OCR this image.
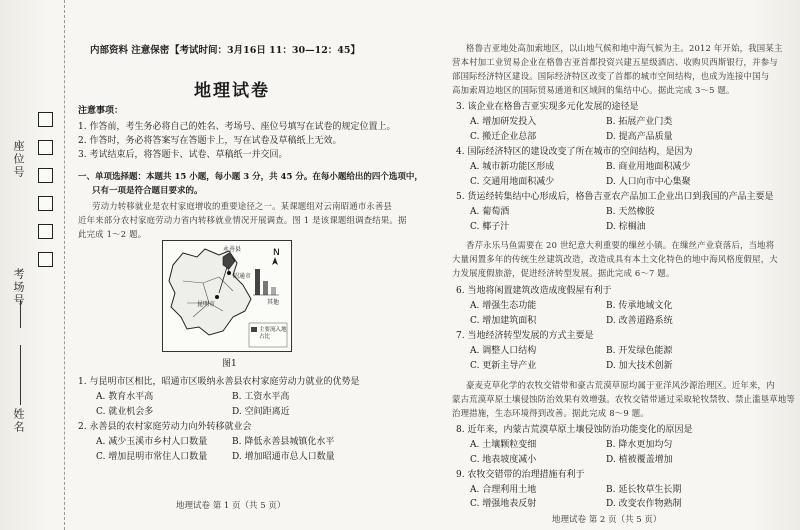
座位号
考场号
姓名
内部资料 注意保密 【考试时间：3月16日 11：30—12：45】
地理试卷
注意事项：
1. 作答前，考生务必将自己的姓名、考场号、座位号填写在试卷的规定位置上。
2. 作答时，务必将答案写在答题卡上，写在试卷及草稿纸上无效。
3. 考试结束后，将答题卡、试卷、草稿纸一并交回。
一、单项选择题：本题共 15 小题，每小题 3 分，共 45 分。在每小题给出的四个选项中，
只有一项是符合题目要求的。
劳动力转移就业是农村家庭增收的重要途径之一。某课题组对云南昭通市永善县
近年来部分农村家庭劳动力省内转移就业情况开展调查。图 1 是该课题组调查结果。据
此完成 1～2 题。
N
永善县
昭通市
昆明市	其他
主要流入地占比
图1
1. 与昆明市区相比，昭通市区吸纳永善县农村家庭劳动力就业的优势是
A. 教育水平高	B. 工资水平高
C. 就业机会多	D. 空间距离近
2. 永善县的农村家庭劳动力向外转移就业会
A. 减少玉溪市乡村人口数量	B. 降低永善县城镇化水平
C. 增加昆明市常住人口数量	D. 增加昭通市总人口数量
地理试卷 第 1 页（共 5 页）
格鲁吉亚地处高加索地区，以山地气候和地中海气候为主。2012 年开始，我国某主
营本村加工业贸易企业在格鲁吉亚首都投资兴建五星级酒店、收购贝西斯银行，并参与
部国际经济特区建设。国际经济特区改变了首都的城市空间结构，也成为连接中国与
高加索周边地区的国际贸易通道和区域间的集结中心。据此完成 3～5 题。
3. 该企业在格鲁吉亚实现多元化发展的途径是
A. 增加研发投入	B. 拓展产业门类
C. 搬迁企业总部	D. 提高产品质量
4. 国际经济特区的建设改变了所在城市的空间结构，是因为
A. 城市新功能区形成	B. 商业用地面积减少
C. 交通用地面积减少	D. 人口向市中心集聚
5. 货运经转集结中心形成后，格鲁吉亚农产品加工企业出口到我国的产品主要是
A. 葡萄酒	B. 天然橡胶
C. 椰子汁	D. 棕榈油
香芹永乐马鱼需要在 20 世纪意大利重要的缫丝小镇。在缫丝产业衰落后，当地将
大量闲置多年的传统生丝建筑改造，改造成具有本土文化特色的地中海风格度假屋，大
力发展度假旅游，促进经济转型发展。据此完成 6～7 题。
6. 当地将闲置建筑改造成度假屋有利于
A. 增强生态功能	B. 传承地域文化
C. 增加建筑面积	D. 改善道路系统
7. 当地经济转型发展的方式主要是
A. 调整人口结构	B. 开发绿色能源
C. 更新主导产业	D. 加大技术创新
豪麦克草化学的农牧交错带和豪古荒漠草原均属于亚洋风沙源治理区。近年来，内
蒙古荒漠草原土壤侵蚀防治效果有效增强。农牧交错带通过采取轮牧禁牧、禁止滥垦草地等
治理措施，生态环境得到改善。据此完成 8～9 题。
8. 近年来，内蒙古荒漠草原土壤侵蚀防治功能变化的原因是
A. 土壤颗粒变细	B. 降水更加均匀
C. 地表坡度减小	D. 植被覆盖增加
9. 农牧交错带的治理措施有利于
A. 合理利用土地	B. 延长牧草生长期
C. 增强地表反射	D. 改变农作物熟制
地理试卷 第 2 页（共 5 页）
